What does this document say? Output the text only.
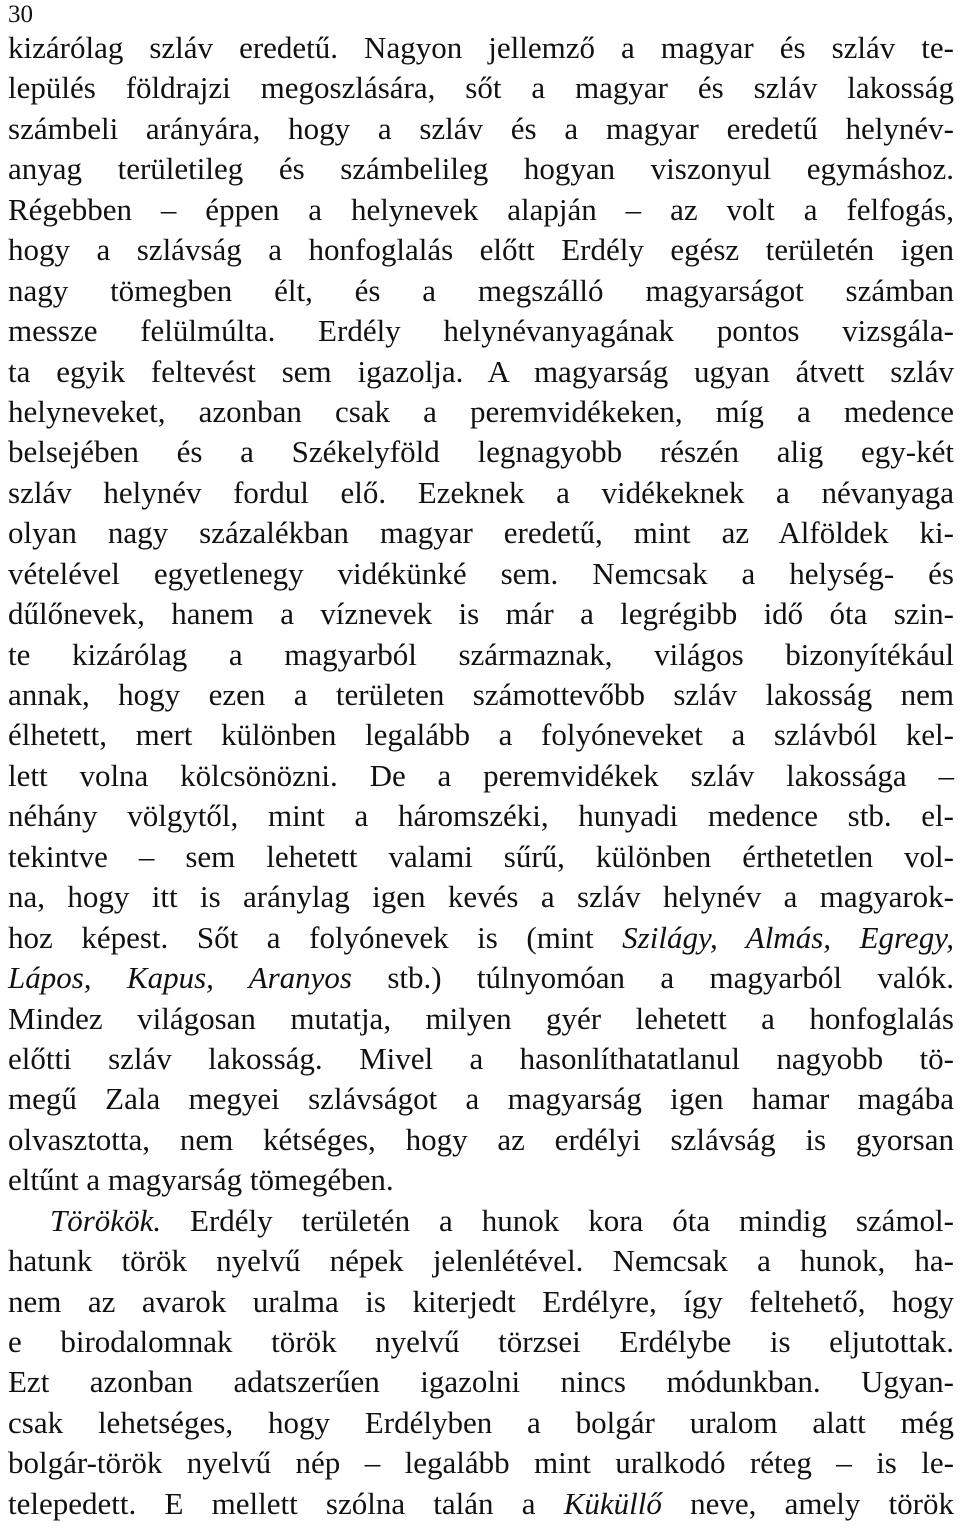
30
kizárólag szláv eredetű. Nagyon jellemző a magyar és szláv te-
lepülés földrajzi megoszlására, sőt a magyar és szláv lakosság
számbeli arányára, hogy a szláv és a magyar eredetű helynév-
anyag területileg és számbelileg hogyan viszonyul egymáshoz.
Régebben – éppen a helynevek alapján – az volt a felfogás,
hogy a szlávság a honfoglalás előtt Erdély egész területén igen
nagy tömegben élt, és a megszálló magyarságot számban
messze felülmúlta. Erdély helynévanyagának pontos vizsgála-
ta egyik feltevést sem igazolja. A magyarság ugyan átvett szláv
helyneveket, azonban csak a peremvidékeken, míg a medence
belsejében és a Székelyföld legnagyobb részén alig egy-két
szláv helynév fordul elő. Ezeknek a vidékeknek a névanyaga
olyan nagy százalékban magyar eredetű, mint az Alföldek ki-
vételével egyetlenegy vidékünké sem. Nemcsak a helység- és
dűlőnevek, hanem a víznevek is már a legrégibb idő óta szin-
te kizárólag a magyarból származnak, világos bizonyítékául
annak, hogy ezen a területen számottevőbb szláv lakosság nem
élhetett, mert különben legalább a folyóneveket a szlávból kel-
lett volna kölcsönözni. De a peremvidékek szláv lakossága –
néhány völgytől, mint a háromszéki, hunyadi medence stb. el-
tekintve – sem lehetett valami sűrű, különben érthetetlen vol-
na, hogy itt is aránylag igen kevés a szláv helynév a magyarok-
hoz képest. Sőt a folyónevek is (mint Szilágy, Almás, Egregy,
Lápos, Kapus, Aranyos stb.) túlnyomóan a magyarból valók.
Mindez világosan mutatja, milyen gyér lehetett a honfoglalás
előtti szláv lakosság. Mivel a hasonlíthatatlanul nagyobb tö-
megű Zala megyei szlávságot a magyarság igen hamar magába
olvasztotta, nem kétséges, hogy az erdélyi szlávság is gyorsan
eltűnt a magyarság tömegében.
Törökök. Erdély területén a hunok kora óta mindig számol-
hatunk török nyelvű népek jelenlétével. Nemcsak a hunok, ha-
nem az avarok uralma is kiterjedt Erdélyre, így feltehető, hogy
e birodalomnak török nyelvű törzsei Erdélybe is eljutottak.
Ezt azonban adatszerűen igazolni nincs módunkban. Ugyan-
csak lehetséges, hogy Erdélyben a bolgár uralom alatt még
bolgár-török nyelvű nép – legalább mint uralkodó réteg – is le-
telepedett. E mellett szólna talán a Küküllő neve, amely török
